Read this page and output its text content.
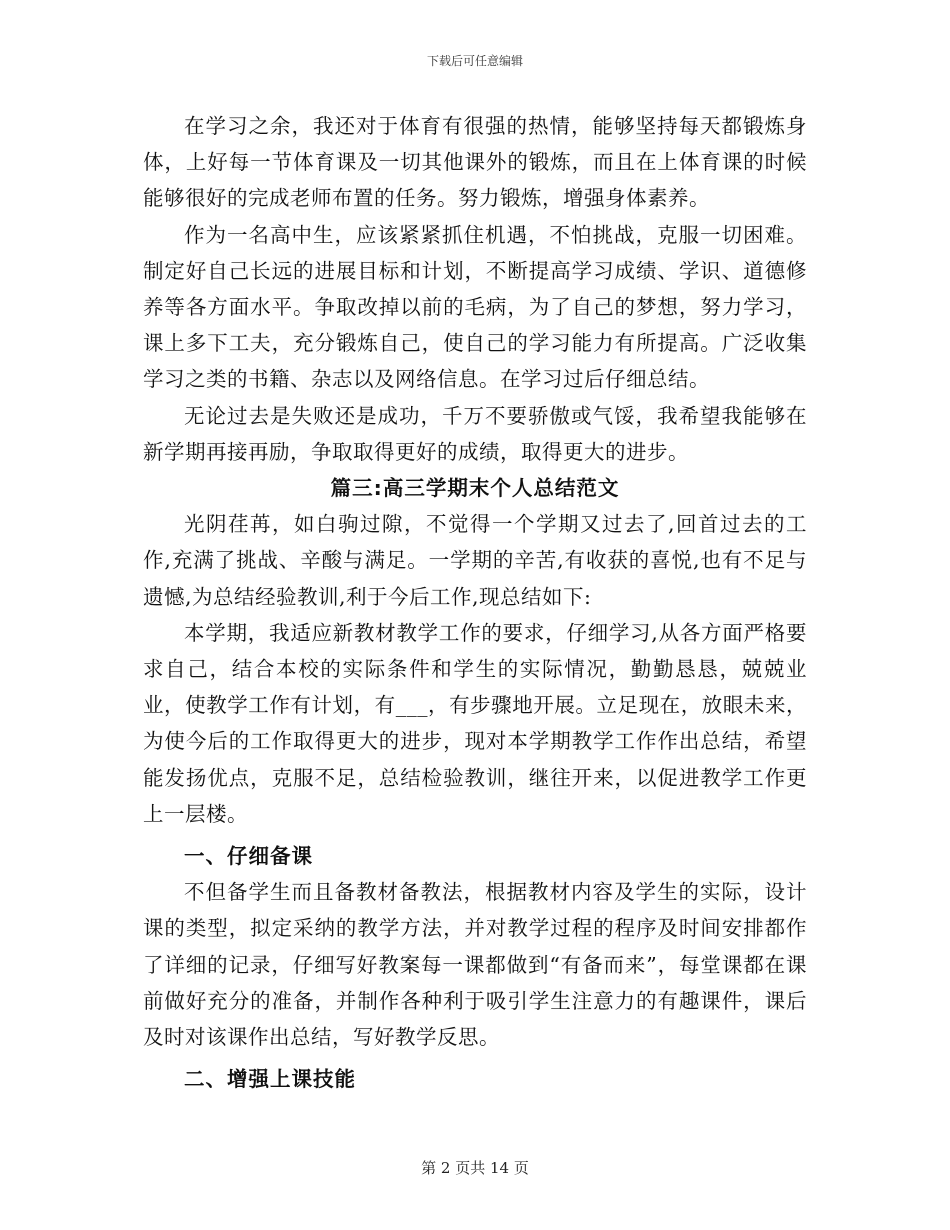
下载后可任意编辑

在学习之余，我还对于体育有很强的热情，能够坚持每天都锻炼身体，上好每一节体育课及一切其他课外的锻炼，而且在上体育课的时候能够很好的完成老师布置的任务。努力锻炼，增强身体素养。

作为一名高中生，应该紧紧抓住机遇，不怕挑战，克服一切困难。制定好自己长远的进展目标和计划，不断提高学习成绩、学识、道德修养等各方面水平。争取改掉以前的毛病，为了自己的梦想，努力学习，课上多下工夫，充分锻炼自己，使自己的学习能力有所提高。广泛收集学习之类的书籍、杂志以及网络信息。在学习过后仔细总结。

无论过去是失败还是成功，千万不要骄傲或气馁，我希望我能够在新学期再接再励，争取取得更好的成绩，取得更大的进步。

篇三:高三学期末个人总结范文

光阴荏苒，如白驹过隙，不觉得一个学期又过去了,回首过去的工作,充满了挑战、辛酸与满足。一学期的辛苦,有收获的喜悦,也有不足与遗憾,为总结经验教训,利于今后工作,现总结如下:

本学期，我适应新教材教学工作的要求，仔细学习,从各方面严格要求自己，结合本校的实际条件和学生的实际情况，勤勤恳恳，兢兢业业，使教学工作有计划，有___，有步骤地开展。立足现在，放眼未来，为使今后的工作取得更大的进步，现对本学期教学工作作出总结，希望能发扬优点，克服不足，总结检验教训，继往开来，以促进教学工作更上一层楼。

一、仔细备课

不但备学生而且备教材备教法，根据教材内容及学生的实际，设计课的类型，拟定采纳的教学方法，并对教学过程的程序及时间安排都作了详细的记录，仔细写好教案每一课都做到“有备而来”，每堂课都在课前做好充分的准备，并制作各种利于吸引学生注意力的有趣课件，课后及时对该课作出总结，写好教学反思。

二、增强上课技能
第 2 页共 14 页
